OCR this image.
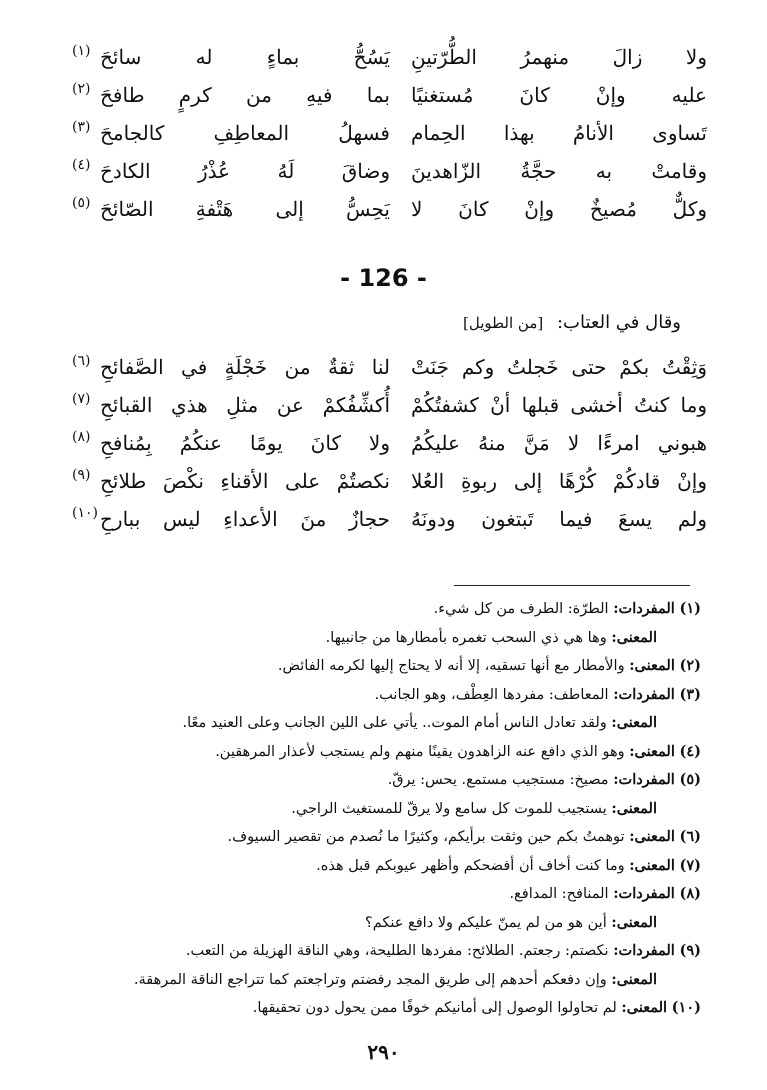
ولا زالَ منهمرُ الطُّرّتينِ
يَسُحُّ بماءٍ له سائحَ
(١)
عليه وإنْ كانَ مُستغنيًا
بما فيهِ من كرمٍ طافحَ
(٢)
تَساوى الأنامُ بهذا الحِمام
فسهلُ المعاطِفِ كالجامحَ
(٣)
وقامتْ به حجَّةُ الزّاهدينَ
وضاقَ لَهُ عُذْرُ الكادحَ
(٤)
وكلٌّ مُصيخٌ وإنْ كانَ لا
يَحِسُّ إلى هَتْفةِ الصّائحَ
(٥)
- 126 -
وقال في العتاب: [من الطويل]
وَثِقْتُ بكمْ حتى خَجلتُ وكم جَنَتْ
لنا ثقةٌ من خَجْلَةٍ في الصَّفائحِ
(٦)
وما كنتُ أخشى قبلها أنْ كشفتُكُمْ
أُكشِّفُكمْ عن مثلِ هذي القبائحِ
(٧)
هبوني امرءًا لا مَنَّ منهُ عليكُمُ
ولا كانَ يومًا عنكُمُ بِمُنافحِ
(٨)
وإنْ قادكُمْ كُرْهًا إلى ربوةِ العُلا
نكصتُمْ على الأقناءِ نكْصَ طلائحِ
(٩)
ولم يسعَ فيما تَبتغون ودونَهُ
حجازٌ منَ الأعداءِ ليس ببارحِ
(١٠)
(١) المفردات: الطرّة: الطرف من كل شيء.
المعنى: وها هي ذي السحب تغمره بأمطارها من جانبيها.
(٢) المعنى: والأمطار مع أنها تسقيه، إلا أنه لا يحتاج إليها لكرمه الفائض.
(٣) المفردات: المعاطف: مفردها العِطْف، وهو الجانب.
المعنى: ولقد تعادل الناس أمام الموت.. يأتي على اللين الجانب وعلى العنيد معًا.
(٤) المعنى: وهو الذي دافع عنه الزاهدون يقينًا منهم ولم يستجب لأعذار المرهقين.
(٥) المفردات: مصيخ: مستجيب مستمع. يحس: يرقّ.
المعنى: يستجيب للموت كل سامع ولا يرقّ للمستغيث الراجي.
(٦) المعنى: توهمتُ بكم حين وثقت برأيكم، وكثيرًا ما نُصدم من تقصير السيوف.
(٧) المعنى: وما كنت أخاف أن أفضحكم وأظهر عيوبكم قبل هذه.
(٨) المفردات: المنافح: المدافع.
المعنى: أين هو من لم يمنّ عليكم ولا دافع عنكم؟
(٩) المفردات: نكصتم: رجعتم. الطلائح: مفردها الطليحة، وهي الناقة الهزيلة من التعب.
المعنى: وإن دفعكم أحدهم إلى طريق المجد رفضتم وتراجعتم كما تتراجع الناقة المرهقة.
(١٠) المعنى: لم تحاولوا الوصول إلى أمانيكم خوفًا ممن يحول دون تحقيقها.
٢٩٠
